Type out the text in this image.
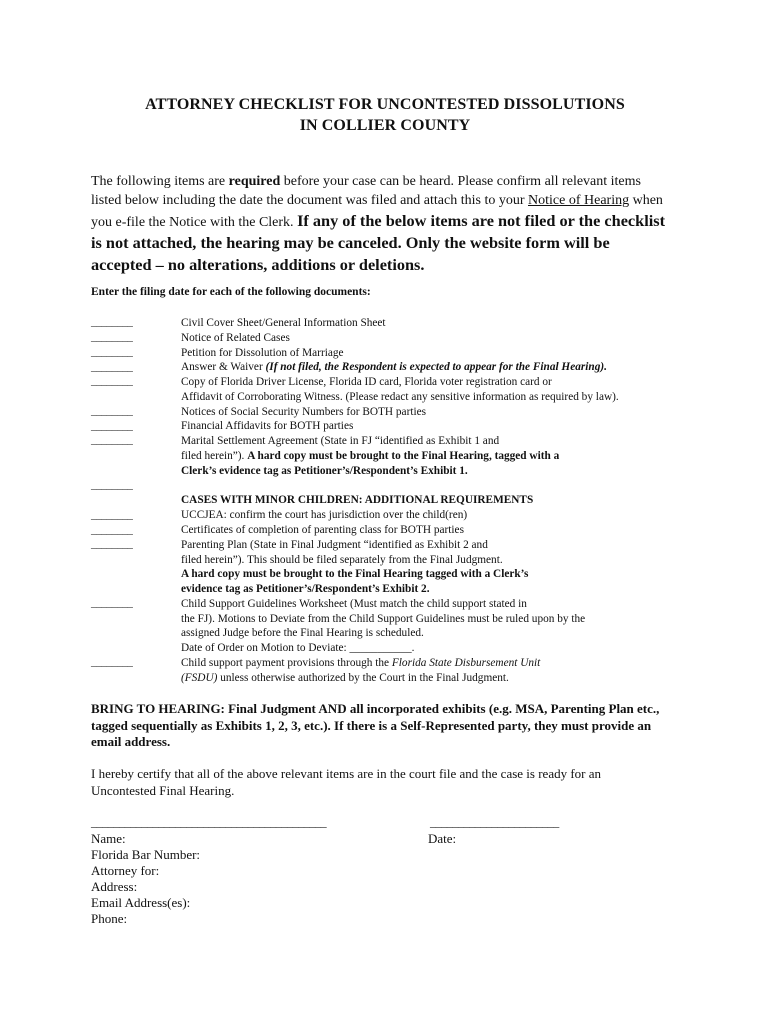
ATTORNEY CHECKLIST FOR UNCONTESTED DISSOLUTIONS
IN COLLIER COUNTY
The following items are required before your case can be heard. Please confirm all relevant items listed below including the date the document was filed and attach this to your Notice of Hearing when you e-file the Notice with the Clerk. If any of the below items are not filed or the checklist is not attached, the hearing may be canceled. Only the website form will be accepted – no alterations, additions or deletions.
Enter the filing date for each of the following documents:
________
________
________
________
________
________
________
________
________
________
________
________
________
________
Civil Cover Sheet/General Information Sheet
Notice of Related Cases
Petition for Dissolution of Marriage
Answer & Waiver (If not filed, the Respondent is expected to appear for the Final Hearing).
Copy of Florida Driver License, Florida ID card, Florida voter registration card or
Affidavit of Corroborating Witness. (Please redact any sensitive information as required by law).
Notices of Social Security Numbers for BOTH parties
Financial Affidavits for BOTH parties
Marital Settlement Agreement (State in FJ “identified as Exhibit 1 and
filed herein”). A hard copy must be brought to the Final Hearing, tagged with a
Clerk’s evidence tag as Petitioner’s/Respondent’s Exhibit 1.
CASES WITH MINOR CHILDREN: ADDITIONAL REQUIREMENTS
UCCJEA: confirm the court has jurisdiction over the child(ren)
Certificates of completion of parenting class for BOTH parties
Parenting Plan (State in Final Judgment “identified as Exhibit 2 and
filed herein”). This should be filed separately from the Final Judgment.
A hard copy must be brought to the Final Hearing tagged with a Clerk’s
evidence tag as Petitioner’s/Respondent’s Exhibit 2.
Child Support Guidelines Worksheet (Must match the child support stated in
the FJ). Motions to Deviate from the Child Support Guidelines must be ruled upon by the
assigned Judge before the Final Hearing is scheduled.
Date of Order on Motion to Deviate: ___________.
Child support payment provisions through the Florida State Disbursement Unit
(FSDU) unless otherwise authorized by the Court in the Final Judgment.
BRING TO HEARING: Final Judgment AND all incorporated exhibits (e.g. MSA, Parenting Plan etc., tagged sequentially as Exhibits 1, 2, 3, etc.). If there is a Self-Represented party, they must provide an email address.
I hereby certify that all of the above relevant items are in the court file and the case is ready for an Uncontested Final Hearing.
__________________________________________	_______________________
Name:	Date:
Florida Bar Number:
Attorney for:
Address:
Email Address(es):
Phone:
